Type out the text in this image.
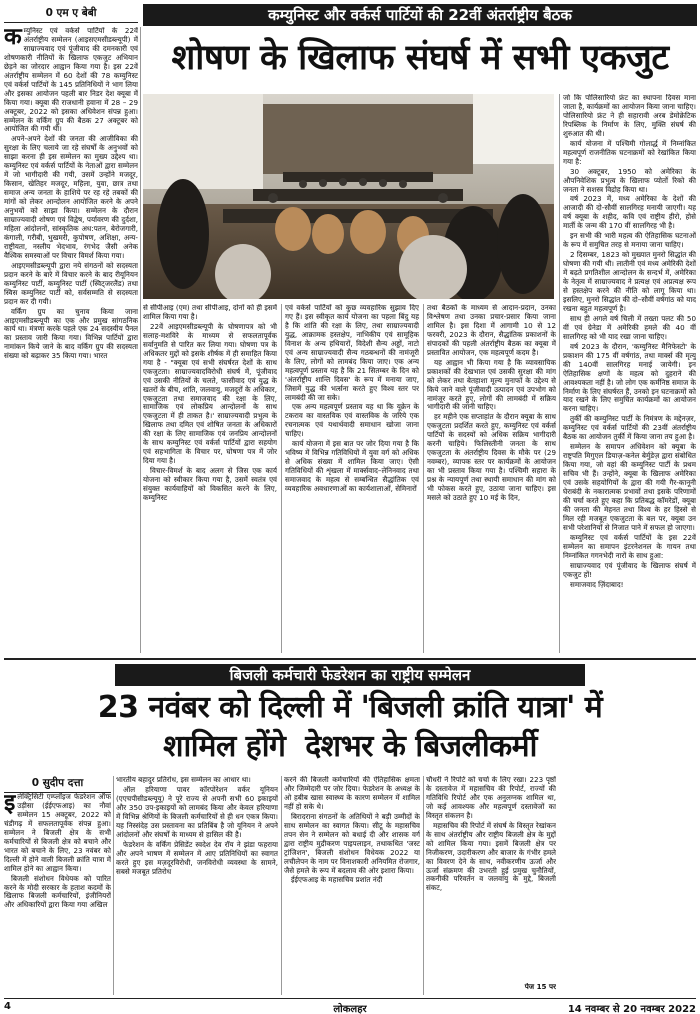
0 एम ए बेबी	कम्युनिस्ट और वर्कर्स पार्टियों की 22वीं अंतर्राष्ट्रीय बैठक
शोषण के खिलाफ संघर्ष में सभी एकजुट
क म्युनिस्ट एवं वर्कर्स पार्टियों के 22वें अंतर्राष्ट्रीय सम्मेलन (आइसएमसीडब्ल्यूपी) में साम्राज्यवाद एवं पूंजीवाद की दमनकारी एवं शोषणकारी नीतियों के खिलाफ एकजुट अभियान छेड़ने का जोरदार आह्वान किया गया है। इस 22वें अंतर्राष्ट्रीय सम्मेलन में 60 देशों की 78 कम्युनिस्ट एवं वर्कर्स पार्टियों के 145 प्रतिनिधियों ने भाग लिया और इसका आयोजन पहली बार निडर देश क्यूबा में किया गया। क्यूबा की राजधानी हवाना में 28 – 29 अक्टूबर, 2022 को इसका अधिवेशन संपन्न हुआ। सम्मेलन के वर्किंग ग्रुप की बैठक 27 अक्टूबर को आयोजित की गयी थी।

अपने-अपने देशों की जनता की आजीविका की सुरक्षा के लिए चलाये जा रहे संघर्षों के अनुभवों को साझा करना ही इस सम्मेलन का मुख्य उद्देश्य था। कम्युनिस्ट एवं वर्कर्स पार्टियों के नेताओं द्वारा सम्मेलन में जो भागीदारी की गयी, उसमें उन्होंने मजदूर, किसान, खेतिहर मजदूर, महिला, युवा, छात्र तथा समाज अन्य जनता के हाशिये पर रह रहे तबकों की मांगों को लेकर आन्दोलन आयोजित करने के अपने अनुभवों को साझा किया। सम्मेलन के दौरान साम्राज्यवादी शोषण एवं विद्वेष, पर्यावरण की दुर्दशा, महिला आंदोलनों, सांस्कृतिक अध:पतन, बेरोजगारी, कंगाली, गरीबी, भुखमरी, कुपोषण, अशिक्षा, अन्य-राष्ट्रीयता, नस्लीय भेदभाव, रंगभेद जैसी अनेक वैश्विक समस्याओं पर विचार विमर्श किया गया।

आइएमसीडब्ल्यूपी द्वारा नये संगठनों को सदस्यता प्रदान करने के बारे में विचार करने के बाद रीयूनियन कम्युनिस्ट पार्टी, कम्युनिस्ट पार्टी (स्विट्जरलैंड) तथा स्विस कम्युनिस्ट पार्टी को, सर्वसम्मति से सदस्यता प्रदान कर दी गयी।

वर्किंग ग्रुप का चुनाव किया जाना आइएमसीडब्ल्यूपी का एक और प्रमुख सांगठनिक कार्य था। मंत्रणा करके पहले एक 24 सदस्यीय पैनल का प्रस्ताव जारी किया गया। विभिन्न पार्टियों द्वारा नामांकन किये जाने के बाद वर्किंग ग्रुप की सदस्यता संख्या को बढ़ाकर 35 किया गया। भारत

जो कि पोलिसारियो फ्रंट का स्थापना दिवस माना जाता है, कार्यक्रमों का आयोजन किया जाना चाहिए। पोलिसारियो फ्रंट ने ही सहारावी अरब डेमोक्रेटिक रिपब्लिक के निर्माण के लिए, मुक्ति संघर्ष की शुरुआत की थी।

कार्य योजना में पश्चिमी गोलार्द्ध में निम्नांकित महत्वपूर्ण राजनीतिक घटनाक्रमों को रेखांकित किया गया है:

30 अक्टूबर, 1950 को अमेरिका के औपनिवेशिक प्रभुत्व के खिलाफ प्योर्तो रिको की जनता ने सशस्त्र विद्रोह किया था।

वर्ष 2023 में, मध्य अमेरिका के देशों की आजादी की दो-सौवीं सालगिरह मनायी जाएगी। यह वर्ष क्यूबा के शहीद, कवि एवं राष्ट्रीय हीरो, होसे मार्ती के जन्म की 170 वीं सालगिरह भी है।

इन सभी की भारी महत्व की ऐतिहासिक घटनाओं के रूप में समुचित तरह से मनाया जाना चाहिए।

2 दिसम्बर, 1823 को मुख्यात मुनरो सिद्धांत की घोषणा की गयी थी। लातीनी एवं मध्य अमेरिकी देशों में बढ़ते प्रगतिशील आन्दोलन के सन्दर्भ में, अमेरिका के नेतृत्व में साम्राज्यवाद ने प्रत्यक्ष एवं अप्रत्यक्ष रूप से हस्तक्षेप करने की नीति को लागू किया था। इसलिए, मुनरो सिद्धांत की दो–सौवीं वर्षगांठ को याद रखना बहुत महत्वपूर्ण है।

साथ ही अगले वर्ष चिली में तख्ता पलट की 50 वीं एवं ग्रेनेडा में अमेरिकी हमले की 40 वीं सालगिरह को भी याद रखा जाना चाहिए।

वर्ष 2023 के दौरान, 'कम्युनिस्ट मैनिफेस्टो' के प्रकाशन की 175 वीं वर्षगांठ, तथा मार्क्स की मृत्यु की 140वीं सालगिरह मनाई जायेगी। इन ऐतिहासिक क्षणों के महत्व को दुहराने की आवश्यकता नहीं है। जो लोग एक कर्मनिष्ठ समाज के निर्माण के लिए संघर्षरत हैं, उनको इन घटनाक्रमों को याद रखने के लिए समुचित कार्यक्रमों का आयोजन करना चाहिए।

तुर्की की कम्युनिस्ट पार्टी के निमंत्रण के मद्देनज़र, कम्युनिस्ट एवं वर्कर्स पार्टियों की 23वीं अंतर्राष्ट्रीय बैठक का आयोजन तुर्की में किया जाना तय हुआ है।

सम्मेलन के समापन अधिवेशन को क्यूबा के राष्ट्रपति मिगुएल डियाज़-कनेल बेर्मुडेज़ द्वारा संबोधित किया गया, जो वहां की कम्युनिस्ट पार्टी के प्रथम सचिव भी हैं। उन्होंने, क्यूबा के खिलाफ अमेरिका एवं उसके सहयोगियों के द्वारा की गयी गैर-कानूनी घेराबंदी के नकारात्मक प्रभावों तथा इसके परिणामों की चर्चा करते हुए कहा कि प्रतिबद्ध कॉमरेडों, क्यूबा की जनता की मेहनत तथा विश्व के हर हिस्से से मिल रही मजबूत एकजुटता के बल पर, क्यूबा उन सभी परेशानियों से निजात पाने में सफल हो जाएगा।

कम्युनिस्ट एवं वर्कर्स पार्टियों के इस 22वें सम्मेलन का समापन इंटरनेशनल के गायन तथा निम्नांकित गगनभेदी नारों के साथ हुआ:

साम्राज्यवाद एवं पूंजीवाद के खिलाफ संघर्ष में एकजुट हों!

समाजवाद ज़िंदाबाद!

से सीपीआइ (एम) तथा सीपीआइ, दोनों को ही इसमें शामिल किया गया है।

22वें आइएमसीडब्ल्यूपी के घोषणापत्र को भी सलाह-मशविरे के माध्यम से सफलतापूर्वक सर्वानुमति से पारित कर लिया गया। घोषणा पत्र के अधिकतर मुद्दों को इसके शीर्षक में ही समाहित किया गया है - "क्यूबा एवं सभी संघर्षरत देशों के साथ एकजुटता। साम्राज्यवादविरोधी संघर्ष में, पूंजीवाद एवं उसकी नीतियों के चलते, फासीवाद एवं युद्ध के खतरों के बीच, शांति, जलवायु, मजदूरों के अधिकार, एकजुटता तथा समाजवाद की रक्षा के लिए, सामाजिक एवं लोकप्रिय आन्दोलनों के साथ एकजुटता में ही ताकत है।' साम्राज्यवादी प्रभुत्व के खिलाफ तथा दमित एवं शोषित जनता के अधिकारों की रक्षा के लिए सामाजिक एवं जनप्रिय आन्दोलनों के साथ कम्युनिस्ट एवं वर्कर्स पार्टियों द्वारा सहयोग एवं सहभागिता के विचार पर, घोषणा पत्र में जोर दिया गया है।

विचार-विमर्श के बाद अलग से जिस एक कार्य योजना को स्वीकार किया गया है, उसमें स्वतंत्र एवं संयुक्त कार्यवाहियों को विकसित करने के लिए, कम्युनिस्ट

एवं वर्कर्स पार्टियों को कुछ व्यवहारिक सुझाव दिए गए हैं। इस स्वीकृत कार्य योजना का पहला बिंदु यह है कि शांति की रक्षा के लिए, तथा साम्राज्यवादी युद्ध, आक्रामक हस्तक्षेप, नाभिकीय एवं सामूहिक विनाश के अन्य हथियारों, विदेशी सैन्य अड्डों, नाटो एवं अन्य साम्राज्यवादी सैन्य गठबन्धनों की नामंजूरी के लिए, लोगों को लामबंद किया जाए। एक अन्य महत्वपूर्ण प्रस्ताव यह है कि 21 सितम्बर के दिन को 'अंतर्राष्ट्रीय शान्ति दिवस' के रूप में मनाया जाए, जिसमें युद्ध की भर्त्सना करते हुए विश्व स्तर पर लामबंदी की जा सके।

एक अन्य महत्वपूर्ण प्रस्ताव यह था कि यूक्रेन के टकराव का वास्तविक एवं वास्तविक के जरिये एक रचनात्मक एवं यथार्थवादी समाधान खोजा जाना चाहिए।

कार्य योजना में इस बात पर जोर दिया गया है कि भविष्य में विभिन्न गतिविधियों में युवा वर्ग को अधिक से अधिक संख्या में शामिल किया जाए। ऐसी गतिविधियों की शृंखला में मार्क्सवाद–लेनिनवाद तथा समाजवाद के महत्व से सम्बन्धित सैद्धांतिक एवं व्यवहारिक अवधारणाओं का कार्यशालाओं, सेमिनारों

तथा बैठकों के माध्यम से आदान-प्रदान, उनका विश्लेषण तथा उनका प्रचार-प्रसार किया जाना शामिल है। इस दिशा में आगामी 10 से 12 फरवरी, 2023 के दौरान, सैद्धांतिक प्रकाशनों के संपादकों की पहली अंतर्राष्ट्रीय बैठक का क्यूबा में प्रस्तावित आयोजन, एक महत्वपूर्ण कदम है।

यह आह्वान भी किया गया है कि व्यावसायिक प्रकाशकों की देखभाल एवं उसकी सुरक्षा की मांग को लेकर तथा बेतहाशा मूल्य मुनाफों के उद्देश्य से किये जाने वाले पूंजीवादी उत्पादन एवं उपभोग को नामंजूर करते हुए, लोगों की लामबंदी में सक्रिय भागीदारी की जानी चाहिए।

हर महीने एक सप्ताहांत के दौरान क्यूबा के साथ एकजुटता प्रदर्शित करते हुए, कम्युनिस्ट एवं वर्कर्स पार्टियों के सदस्यों को अधिक सक्रिय भागीदारी करनी चाहिये। फिलिस्तीनी जनता के साथ एकजुटता के अंतर्राष्ट्रीय दिवस के मौके पर (29 नवम्बर), व्यापक स्तर पर कार्यक्रमों के आयोजन का भी प्रस्ताव किया गया है। पश्चिमी सहारा के प्रश्न के न्यायपूर्ण तथा स्थायी समाधान की मांग को भी फोकस करते हुए, उठाया जाना चाहिए। इस मसले को उठाते हुए 10 मई के दिन,

बिजली कर्मचारी फेडरेशन का राष्ट्रीय सम्मेलन
23 नवंबर को दिल्ली में 'बिजली क्रांति यात्रा' में
शामिल होंगे  देशभर के बिजलीकर्मी
0 सुदीप दत्ता
इ लेक्ट्रिसिटी एम्प्लॉइज फेडरेशन ऑफ उड़ीसा (ईईएफआइ) का नौवां सम्मेलन 15 अक्टूबर, 2022 को चंडीगढ़ में सफलतापूर्वक संपन्न हुआ। सम्मेलन ने बिजली क्षेत्र के सभी कर्मचारियों से बिजली क्षेत्र को बचाने और भारत को बचाने के लिए, 23 नवंबर को दिल्ली में होने वाली बिजली क्रांति यात्रा में शामिल होने का आह्वान किया।

बिजली संशोधन विधेयक को पारित करने के मोदी सरकार के हताश कदमों के खिलाफ बिजली कर्मचारियों, इंजीनियरों और अधिकारियों द्वारा किया गया अखिल

भारतीय बहादुर प्रतिरोध, इस सम्मेलन का आधार था।

ऑल हरियाणा पावर कॉरपोरेशन वर्कर यूनियन (एएचपीसीडब्ल्यूयू) ने पूरे राज्य से अपनी सभी 60 इकाइयों और 350 उप-इकाइयों को लामबंद किया और केवल हरियाणा में विभिन्न श्रेणियों के बिजली कर्मचारियों से ही धन एकत्र किया। यह निस्संदेह उस प्रस्तावना का प्रतिबिंब है जो यूनियन ने अपने आंदोलनों और संघर्षों के माध्यम से हासिल की है।

फेडरेशन के वर्किंग प्रेसिडेंट स्वदेश देव रॉय ने झंडा फहराया और अपने भाषण में सम्मेलन में आए प्रतिनिधियों का स्वागत करते हुए इस मज़दूरविरोधी, जनविरोधी व्यवस्था के सामने, सबसे मजबूत प्रतिरोध

करने की बिजली कर्मचारियों की ऐतिहासिक क्षमता और जिम्मेदारी पर जोर दिया। फेडरेशन के अध्यक्ष के ओ हबीब खास स्वास्थ्य के कारण सम्मेलन में शामिल नहीं हो सके थे।

बिरादराना संगठनों के अतिथियों ने बड़ी उम्मीदों के साथ सम्मेलन का स्वागत किया। सीटू के महासचिव तपन सेन ने सम्मेलन को बधाई दी और शासक वर्ग द्वारा राष्ट्रीय मुद्रीकरण पाइपलाइन, तथाकथित 'जस्ट ट्रांजिशन', बिजली संशोधन विधेयक 2022 या लचीलेपन के नाम पर विनाशकारी अनियमित रोजगार, जैसे हमले के रूप में बदलाव की ओर इशारा किया।

ईईएफआइ के महासचिव प्रशांत नंदी

चौधरी ने रिपोर्ट को चर्चा के लिए रखा। 223 पृष्ठों के दस्तावेज में महासचिव की रिपोर्ट, राज्यों की गतिविधि रिपोर्ट और एक अनुलग्नक शामिल था, जो कई आवश्यक और महत्वपूर्ण दस्तावेजों का विस्तृत संकलन है।

महासचिव की रिपोर्ट में संघर्ष के विस्तृत रेखांकन के साथ अंतर्राष्ट्रीय और राष्ट्रीय बिजली क्षेत्र के मुद्दों को शामिल किया गया। इसमें बिजली क्षेत्र पर निजीकरण, उदारीकरण और बाजार के गंभीर हमले का विवरण देने के साथ, नवीकरणीय ऊर्जा और ऊर्जा संक्रमण की उभरती हुई प्रमुख चुनौतियों, तकनीकी परिवर्तन व जलवायु के मुद्दे, बिजली संकट,

पेज 15 पर
4	लोकलहर	14 नवम्बर से 20 नवम्बर 2022
